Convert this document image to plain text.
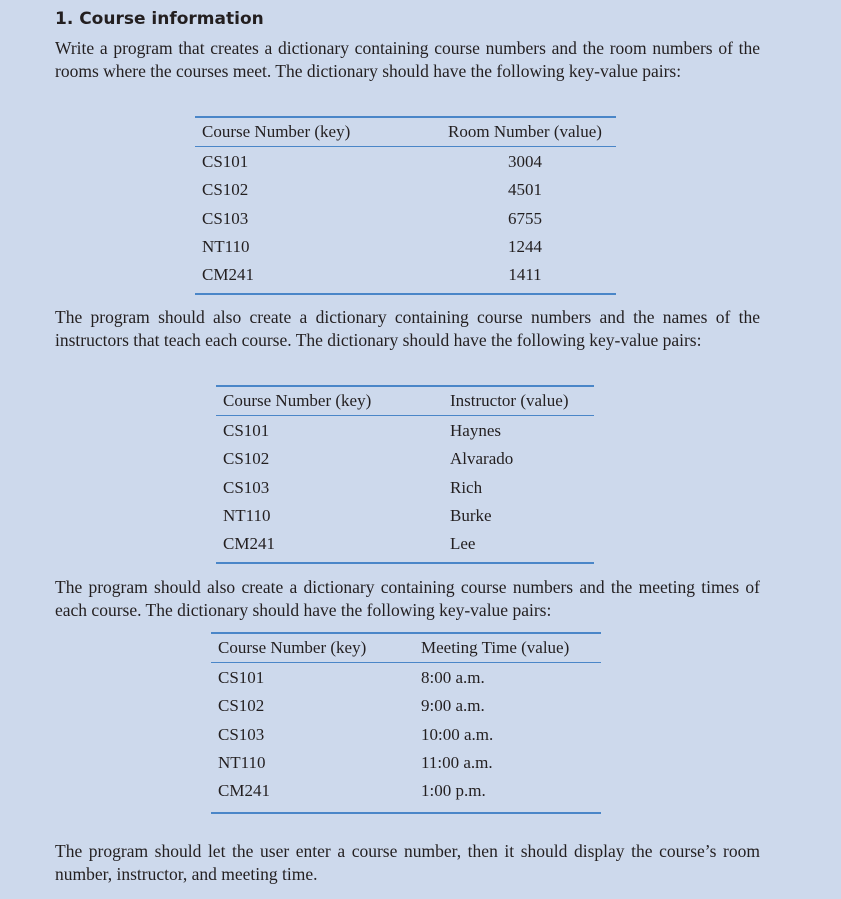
1. Course information

Write a program that creates a dictionary containing course numbers and the room numbers of the rooms where the courses meet. The dictionary should have the following key-value pairs:

Course Number (key)	Room Number (value)
CS101	3004
CS102	4501
CS103	6755
NT110	1244
CM241	1411

The program should also create a dictionary containing course numbers and the names of the instructors that teach each course. The dictionary should have the following key-value pairs:

Course Number (key)	Instructor (value)
CS101	Haynes
CS102	Alvarado
CS103	Rich
NT110	Burke
CM241	Lee

The program should also create a dictionary containing course numbers and the meeting times of each course. The dictionary should have the following key-value pairs:

Course Number (key)	Meeting Time (value)
CS101	8:00 a.m.
CS102	9:00 a.m.
CS103	10:00 a.m.
NT110	11:00 a.m.
CM241	1:00 p.m.

The program should let the user enter a course number, then it should display the course’s room number, instructor, and meeting time.
